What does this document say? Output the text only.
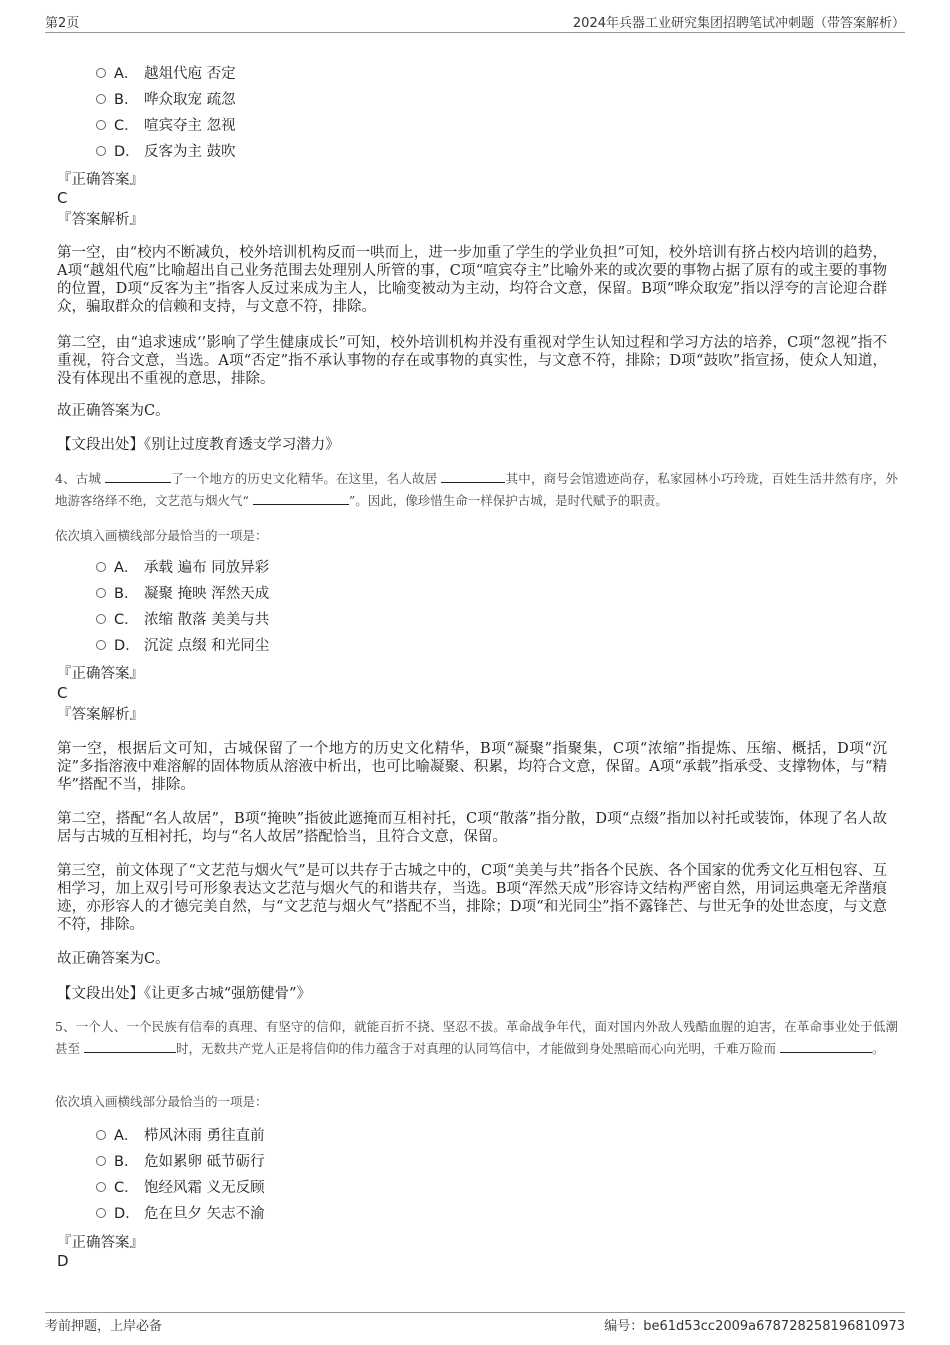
第2页	2024年兵器工业研究集团招聘笔试冲刺题（带答案解析）
A． 越俎代庖 否定
B． 哗众取宠 疏忽
C． 喧宾夺主 忽视
D． 反客为主 鼓吹
『正确答案』
C
『答案解析』
第一空，由“校内不断减负，校外培训机构反而一哄而上，进一步加重了学生的学业负担”可知，校外培训有挤占校内培训的趋势，A项“越俎代庖”比喻超出自己业务范围去处理别人所管的事，C项“喧宾夺主”比喻外来的或次要的事物占据了原有的或主要的事物的位置，D项“反客为主”指客人反过来成为主人，比喻变被动为主动，均符合文意，保留。B项“哗众取宠”指以浮夸的言论迎合群众，骗取群众的信赖和支持，与文意不符，排除。
第二空，由“追求速成‘’影响了学生健康成长”可知，校外培训机构并没有重视对学生认知过程和学习方法的培养，C项“忽视”指不重视，符合文意，当选。A项“否定”指不承认事物的存在或事物的真实性，与文意不符，排除；D项“鼓吹”指宣扬，使众人知道，没有体现出不重视的意思，排除。
故正确答案为C。
【文段出处】《别让过度教育透支学习潜力》
4、古城	了一个地方的历史文化精华。在这里，名人故居	其中，商号会馆遗迹尚存，私家园林小巧玲珑，百姓生活井然有序，外地游客络绎不绝，文艺范与烟火气“	”。因此，像珍惜生命一样保护古城，是时代赋予的职责。
依次填入画横线部分最恰当的一项是：
A． 承载 遍布 同放异彩
B． 凝聚 掩映 浑然天成
C． 浓缩 散落 美美与共
D． 沉淀 点缀 和光同尘
『正确答案』
C
『答案解析』
第一空，根据后文可知，古城保留了一个地方的历史文化精华，B项“凝聚”指聚集，C项“浓缩”指提炼、压缩、概括，D项“沉淀”多指溶液中难溶解的固体物质从溶液中析出，也可比喻凝聚、积累，均符合文意，保留。A项“承载”指承受、支撑物体，与“精华”搭配不当，排除。
第二空，搭配“名人故居”，B项“掩映”指彼此遮掩而互相衬托，C项“散落”指分散，D项“点缀”指加以衬托或装饰，体现了名人故居与古城的互相衬托，均与“名人故居”搭配恰当，且符合文意，保留。
第三空，前文体现了“文艺范与烟火气”是可以共存于古城之中的，C项“美美与共”指各个民族、各个国家的优秀文化互相包容、互相学习，加上双引号可形象表达文艺范与烟火气的和谐共存，当选。B项“浑然天成”形容诗文结构严密自然，用词运典毫无斧凿痕迹，亦形容人的才德完美自然，与“文艺范与烟火气”搭配不当，排除；D项“和光同尘”指不露锋芒、与世无争的处世态度，与文意不符，排除。
故正确答案为C。
【文段出处】《让更多古城“强筋健骨”》
5、一个人、一个民族有信奉的真理、有坚守的信仰，就能百折不挠、坚忍不拔。革命战争年代，面对国内外敌人残酷血腥的迫害，在革命事业处于低潮甚至	时，无数共产党人正是将信仰的伟力蕴含于对真理的认同笃信中，才能做到身处黑暗而心向光明，千难万险而	。
依次填入画横线部分最恰当的一项是：
A． 栉风沐雨 勇往直前
B． 危如累卵 砥节砺行
C． 饱经风霜 义无反顾
D． 危在旦夕 矢志不渝
『正确答案』
D
考前押题，上岸必备	编号：be61d53cc2009a678728258196810973
